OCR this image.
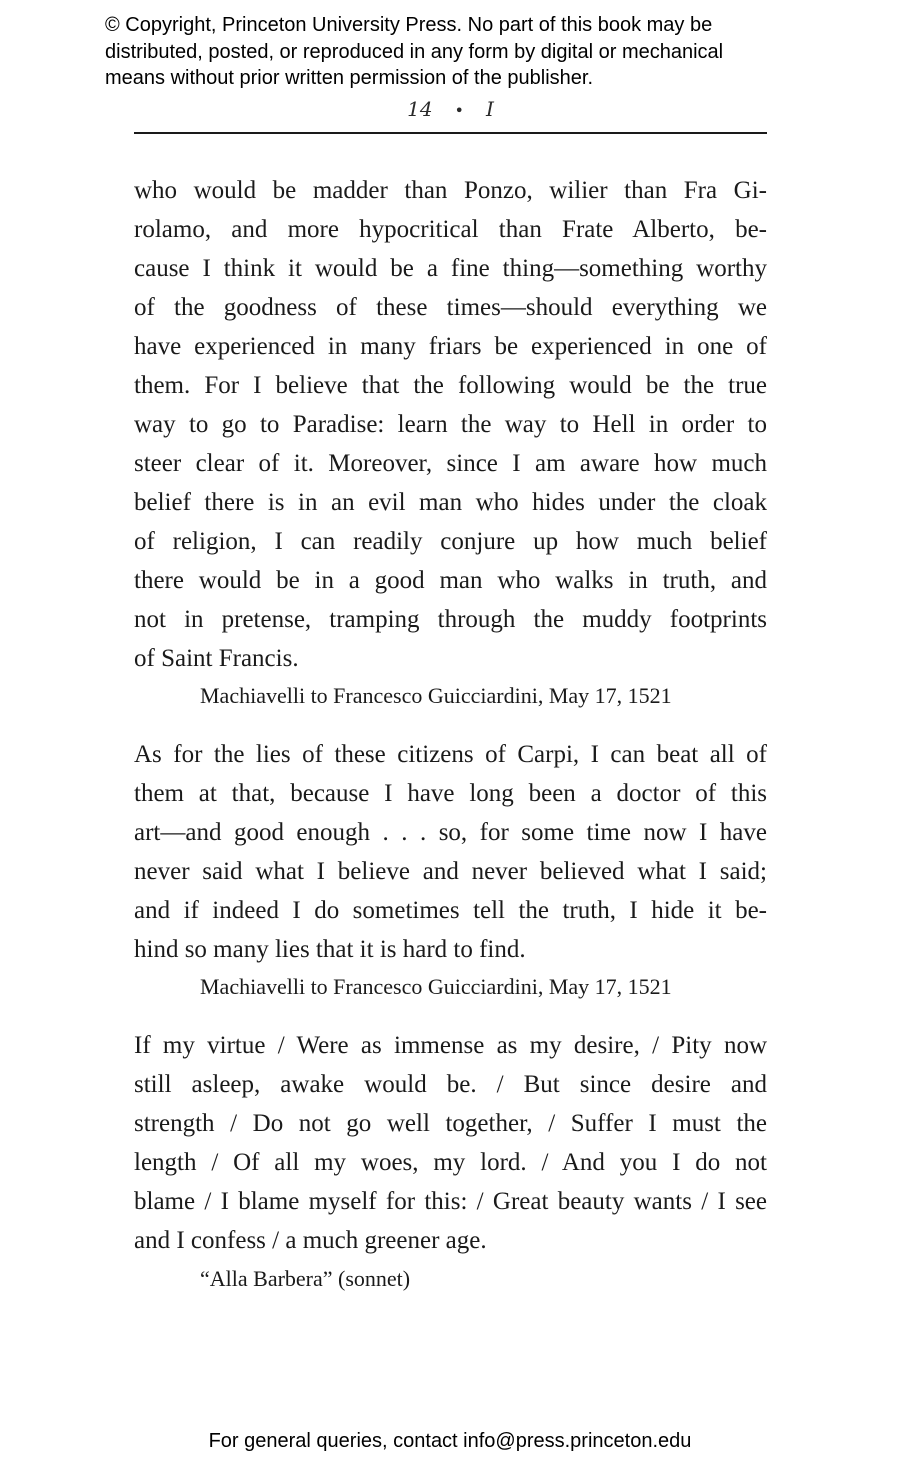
© Copyright, Princeton University Press. No part of this book may be
distributed, posted, or reproduced in any form by digital or mechanical
means without prior written permission of the publisher.
14 • I
who would be madder than Ponzo, wilier than Fra Gi-
rolamo, and more hypocritical than Frate Alberto, be-
cause I think it would be a fine thing—something worthy
of the goodness of these times—should everything we
have experienced in many friars be experienced in one of
them. For I believe that the following would be the true
way to go to Paradise: learn the way to Hell in order to
steer clear of it. Moreover, since I am aware how much
belief there is in an evil man who hides under the cloak
of religion, I can readily conjure up how much belief
there would be in a good man who walks in truth, and
not in pretense, tramping through the muddy footprints
of Saint Francis.
Machiavelli to Francesco Guicciardini, May 17, 1521
As for the lies of these citizens of Carpi, I can beat all of
them at that, because I have long been a doctor of this
art—and good enough . . . so, for some time now I have
never said what I believe and never believed what I said;
and if indeed I do sometimes tell the truth, I hide it be-
hind so many lies that it is hard to find.
Machiavelli to Francesco Guicciardini, May 17, 1521
If my virtue / Were as immense as my desire, / Pity now
still asleep, awake would be. / But since desire and
strength / Do not go well together, / Suffer I must the
length / Of all my woes, my lord. / And you I do not
blame / I blame myself for this: / Great beauty wants / I see
and I confess / a much greener age.
“Alla Barbera” (sonnet)
For general queries, contact info@press.princeton.edu
